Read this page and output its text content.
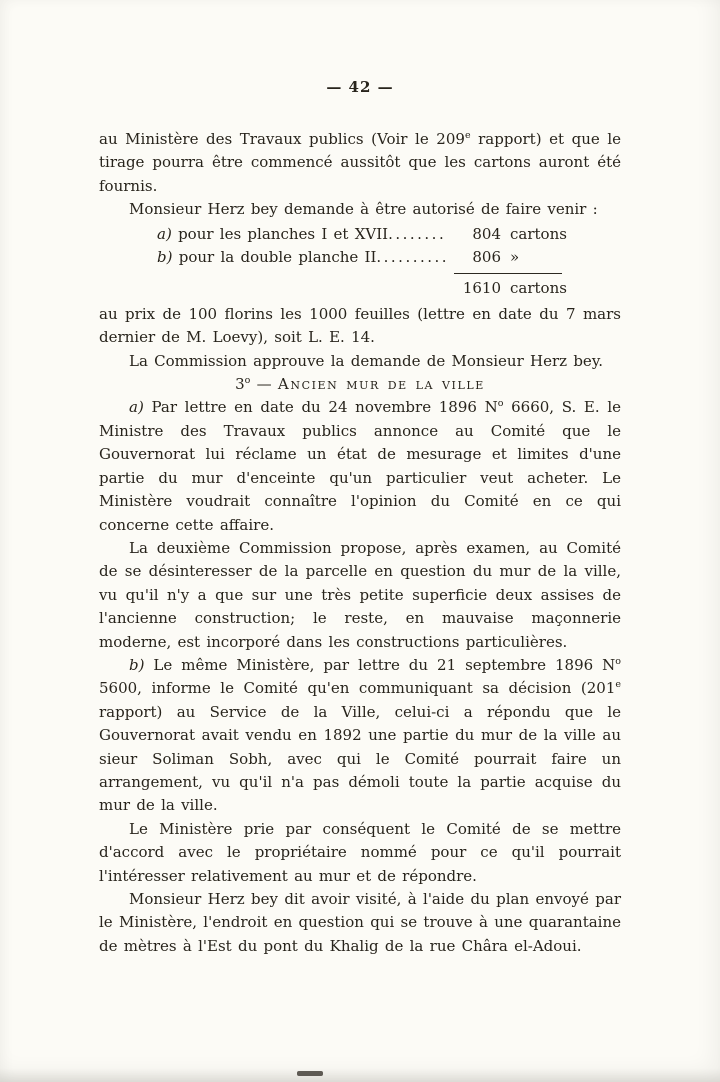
— 42 —

au Ministère des Travaux publics (Voir le 209e rapport) et que le tirage pourra être commencé aussitôt que les cartons auront été fournis.

Monsieur Herz bey demande à être autorisé de faire venir :

a) pour les planches I et XVII........	804 cartons
b) pour la double planche II..........	806 »
1610 cartons

au prix de 100 florins les 1000 feuilles (lettre en date du 7 mars dernier de M. Loevy), soit L. E. 14.

La Commission approuve la demande de Monsieur Herz bey.

3$^o$ — Ancien mur de la ville

a) Par lettre en date du 24 novembre 1896 $N^o$ 6660, S. E. le Ministre des Travaux publics annonce au Comité que le Gouvernorat lui réclame un état de mesurage et limites d'une partie du mur d'enceinte qu'un particulier veut acheter. Le Ministère voudrait connaître l'opinion du Comité en ce qui concerne cette affaire.

La deuxième Commission propose, après examen, au Comité de se désinteresser de la parcelle en question du mur de la ville, vu qu'il n'y a que sur une très petite superficie deux assises de l'ancienne construction; le reste, en mauvaise maçonnerie moderne, est incorporé dans les constructions particulières.

b) Le même Ministère, par lettre du 21 septembre 1896 $N^o$ 5600, informe le Comité qu'en communiquant sa décision (201e rapport) au Service de la Ville, celui-ci a répondu que le Gouvernorat avait vendu en 1892 une partie du mur de la ville au sieur Soliman Sobh, avec qui le Comité pourrait faire un arrangement, vu qu'il n'a pas démoli toute la partie acquise du mur de la ville.

Le Ministère prie par conséquent le Comité de se mettre d'accord avec le propriétaire nommé pour ce qu'il pourrait l'intéresser relativement au mur et de répondre.

Monsieur Herz bey dit avoir visité, à l'aide du plan envoyé par le Ministère, l'endroit en question qui se trouve à une quarantaine de mètres à l'Est du pont du Khalig de la rue Châra el-Adoui.
